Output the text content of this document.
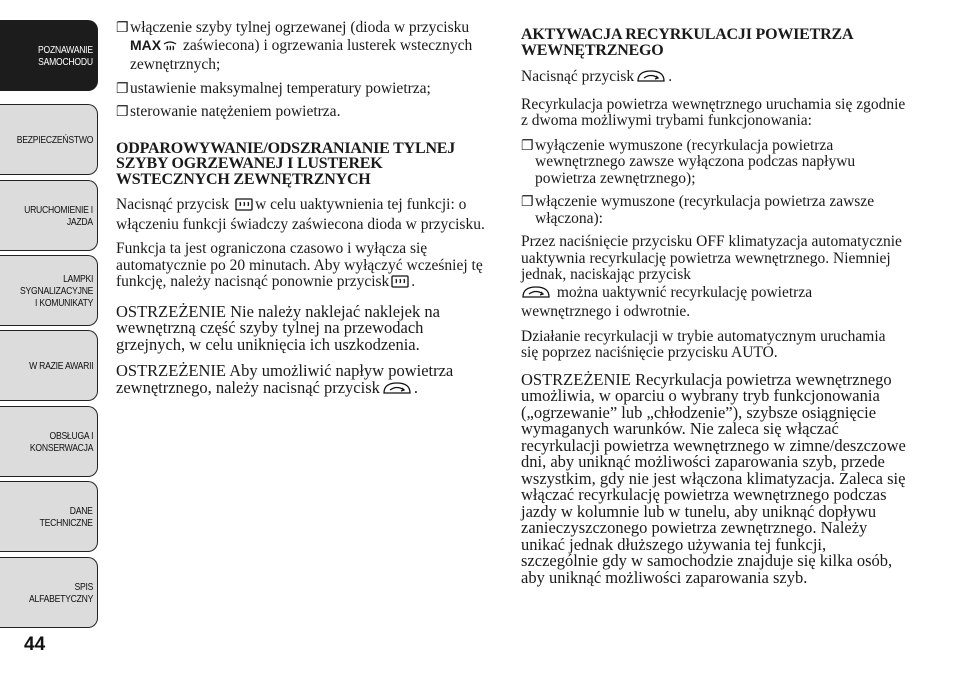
POZNAWANIE
SAMOCHODU
BEZPIECZEŃSTWO
URUCHOMIENIE I
JAZDA
LAMPKI
SYGNALIZACYJNE
I KOMUNIKATY
W RAZIE AWARII
OBSŁUGA I
KONSERWACJA
DANE
TECHNICZNE
SPIS
ALFABETYCZNY
44
❐ włączenie szyby tylnej ogrzewanej (dioda w przycisku MAX zaświecona) i ogrzewania lusterek wstecznych zewnętrznych;
❐ ustawienie maksymalnej temperatury powietrza;
❐ sterowanie natężeniem powietrza.
ODPAROWYWANIE/ODSZRANIANIE TYLNEJ SZYBY OGRZEWANEJ I LUSTEREK WSTECZNYCH ZEWNĘTRZNYCH

Nacisnąć przycisk w celu uaktywnienia tej funkcji: o włączeniu funkcji świadczy zaświecona dioda w przycisku.

Funkcja ta jest ograniczona czasowo i wyłącza się automatycznie po 20 minutach. Aby wyłączyć wcześniej tę funkcję, należy nacisnąć ponownie przycisk .

OSTRZEŻENIE Nie należy naklejać naklejek na wewnętrzną część szyby tylnej na przewodach grzejnych, w celu uniknięcia ich uszkodzenia.

OSTRZEŻENIE Aby umożliwić napływ powietrza zewnętrznego, należy nacisnąć przycisk .

AKTYWACJA RECYRKULACJI POWIETRZA WEWNĘTRZNEGO

Nacisnąć przycisk .

Recyrkulacja powietrza wewnętrznego uruchamia się zgodnie z dwoma możliwymi trybami funkcjonowania:

❐ wyłączenie wymuszone (recyrkulacja powietrza wewnętrznego zawsze wyłączona podczas napływu powietrza zewnętrznego);
❐ włączenie wymuszone (recyrkulacja powietrza zawsze włączona):

Przez naciśnięcie przycisku OFF klimatyzacja automatycznie uaktywnia recyrkulację powietrza wewnętrznego. Niemniej jednak, naciskając przycisk
można uaktywnić recyrkulację powietrza wewnętrznego i odwrotnie.

Działanie recyrkulacji w trybie automatycznym uruchamia się poprzez naciśnięcie przycisku AUTO.

OSTRZEŻENIE Recyrkulacja powietrza wewnętrznego umożliwia, w oparciu o wybrany tryb funkcjonowania („ogrzewanie” lub „chłodzenie”), szybsze osiągnięcie wymaganych warunków. Nie zaleca się włączać recyrkulacji powietrza wewnętrznego w zimne/deszczowe dni, aby uniknąć możliwości zaparowania szyb, przede wszystkim, gdy nie jest włączona klimatyzacja. Zaleca się włączać recyrkulację powietrza wewnętrznego podczas jazdy w kolumnie lub w tunelu, aby uniknąć dopływu zanieczyszczonego powietrza zewnętrznego. Należy unikać jednak dłuższego używania tej funkcji, szczególnie gdy w samochodzie znajduje się kilka osób, aby uniknąć możliwości zaparowania szyb.
